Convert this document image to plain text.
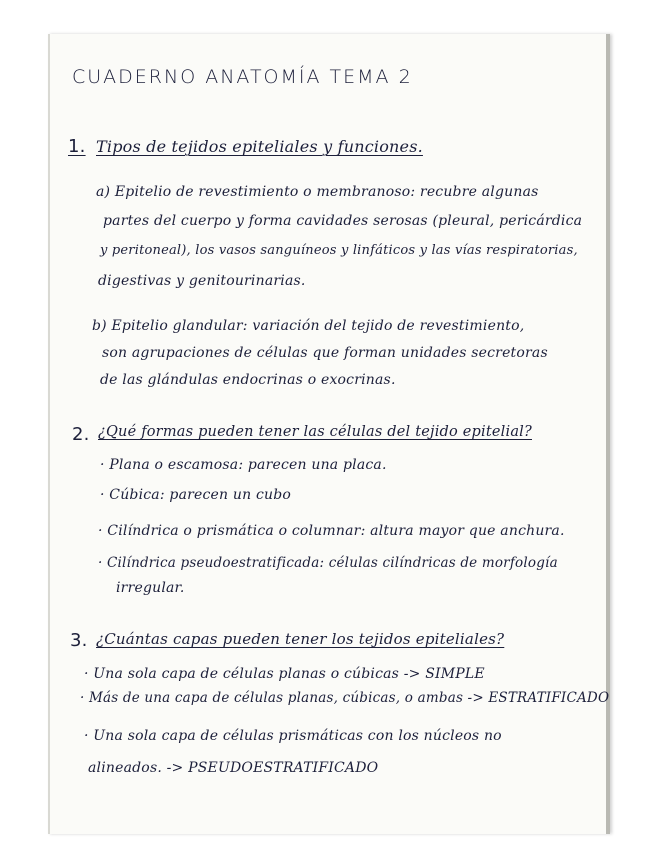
CUADERNO ANATOMÍA TEMA 2
1. Tipos de tejidos epiteliales y funciones.
a) Epitelio de revestimiento o membranoso: recubre algunas
partes del cuerpo y forma cavidades serosas (pleural, pericárdica
y peritoneal), los vasos sanguíneos y linfáticos y las vías respiratorias,
digestivas y genitourinarias.
b) Epitelio glandular: variación del tejido de revestimiento,
son agrupaciones de células que forman unidades secretoras
de las glándulas endocrinas o exocrinas.
2. ¿Qué formas pueden tener las células del tejido epitelial?
· Plana o escamosa: parecen una placa.
· Cúbica: parecen un cubo
· Cilíndrica o prismática o columnar: altura mayor que anchura.
· Cilíndrica pseudoestratificada: células cilíndricas de morfología
irregular.
3. ¿Cuántas capas pueden tener los tejidos epiteliales?
· Una sola capa de células planas o cúbicas -> SIMPLE
· Más de una capa de células planas, cúbicas, o ambas -> ESTRATIFICADO
· Una sola capa de células prismáticas con los núcleos no
alineados. -> PSEUDOESTRATIFICADO
